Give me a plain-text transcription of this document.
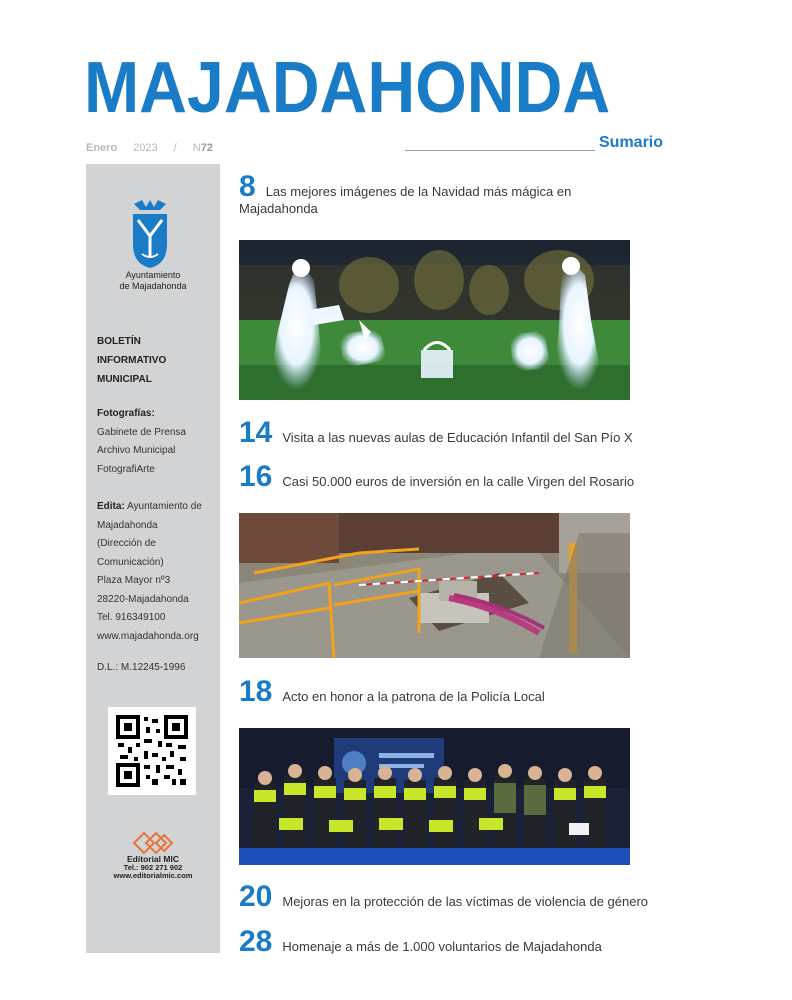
MAJADAHONDA
Enero 2023 / N72	Sumario
Ayuntamiento
de Majadahonda
BOLETÍN
INFORMATIVO
MUNICIPAL
Fotografías:
Gabinete de Prensa
Archivo Municipal
FotografiArte
Edita: Ayuntamiento de
Majadahonda
(Dirección de
Comunicación)
Plaza Mayor nº3
28220-Majadahonda
Tel. 916349100
www.majadahonda.org
D.L.: M.12245-1996
Editorial MIC
Tel.: 902 271 902
www.editorialmic.com
8 Las mejores imágenes de la Navidad más mágica en
Majadahonda
14 Visita a las nuevas aulas de Educación Infantil del San Pío X
16 Casi 50.000 euros de inversión en la calle Virgen del Rosario
18 Acto en honor a la patrona de la Policía Local
20 Mejoras en la protección de las víctimas de violencia de género
28 Homenaje a más de 1.000 voluntarios de Majadahonda
